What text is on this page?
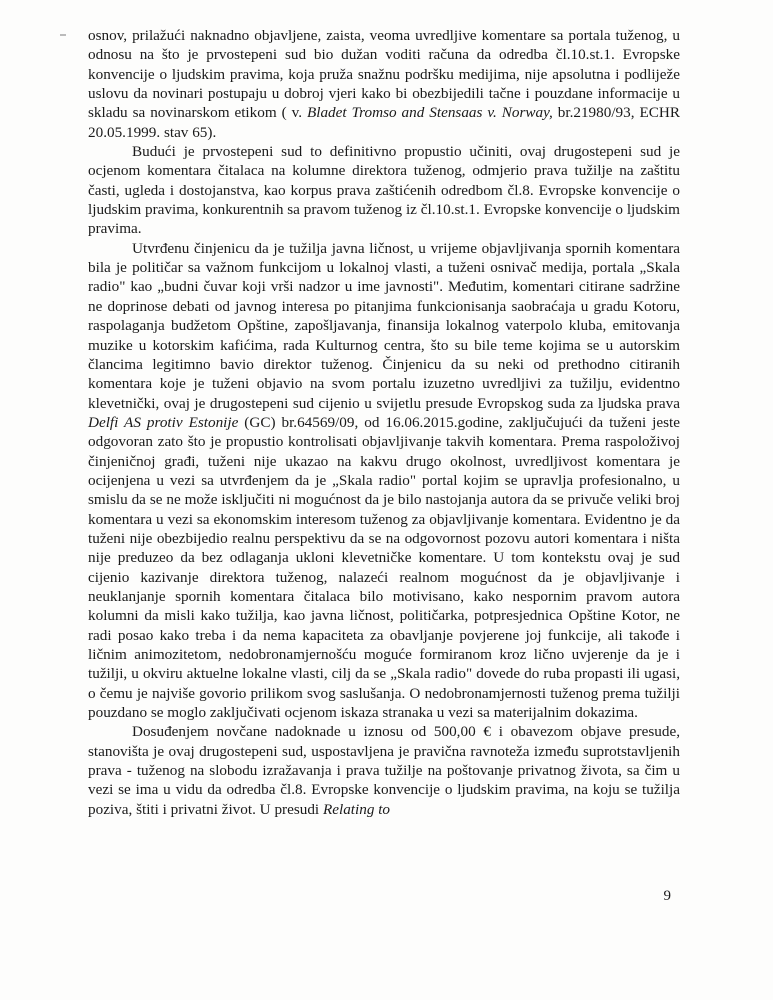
osnov, prilažući naknadno objavljene, zaista, veoma uvredljive komentare sa portala tuženog, u odnosu na što je prvostepeni sud bio dužan voditi računa da odredba čl.10.st.1. Evropske konvencije o ljudskim pravima, koja pruža snažnu podršku medijima, nije apsolutna i podliježe uslovu da novinari postupaju u dobroj vjeri kako bi obezbijedili tačne i pouzdane informacije u skladu sa novinarskom etikom ( v. Bladet Tromso and Stensaas v. Norway, br.21980/93, ECHR 20.05.1999. stav 65).

Budući je prvostepeni sud to definitivno propustio učiniti, ovaj drugostepeni sud je ocjenom komentara čitalaca na kolumne direktora tuženog, odmjerio prava tužilje na zaštitu časti, ugleda i dostojanstva, kao korpus prava zaštićenih odredbom čl.8. Evropske konvencije o ljudskim pravima, konkurentnih sa pravom tuženog iz čl.10.st.1. Evropske konvencije o ljudskim pravima.

Utvrđenu činjenicu da je tužilja javna ličnost, u vrijeme objavljivanja spornih komentara bila je političar sa važnom funkcijom u lokalnoj vlasti, a tuženi osnivač medija, portala „Skala radio" kao „budni čuvar koji vrši nadzor u ime javnosti". Međutim, komentari citirane sadržine ne doprinose debati od javnog interesa po pitanjima funkcionisanja saobraćaja u gradu Kotoru, raspolaganja budžetom Opštine, zapošljavanja, finansija lokalnog vaterpolo kluba, emitovanja muzike u kotorskim kafićima, rada Kulturnog centra, što su bile teme kojima se u autorskim člancima legitimno bavio direktor tuženog. Činjenicu da su neki od prethodno citiranih komentara koje je tuženi objavio na svom portalu izuzetno uvredljivi za tužilju, evidentno klevetnički, ovaj je drugostepeni sud cijenio u svijetlu presude Evropskog suda za ljudska prava Delfi AS protiv Estonije (GC) br.64569/09, od 16.06.2015.godine, zaključujući da tuženi jeste odgovoran zato što je propustio kontrolisati objavljivanje takvih komentara. Prema raspoloživoj činjeničnoj građi, tuženi nije ukazao na kakvu drugo okolnost, uvredljivost komentara je ocijenjena u vezi sa utvrđenjem da je „Skala radio" portal kojim se upravlja profesionalno, u smislu da se ne može isključiti ni mogućnost da je bilo nastojanja autora da se privuče veliki broj komentara u vezi sa ekonomskim interesom tuženog za objavljivanje komentara. Evidentno je da tuženi nije obezbijedio realnu perspektivu da se na odgovornost pozovu autori komentara i ništa nije preduzeo da bez odlaganja ukloni klevetničke komentare. U tom kontekstu ovaj je sud cijenio kazivanje direktora tuženog, nalazeći realnom mogućnost da je objavljivanje i neuklanjanje spornih komentara čitalaca bilo motivisano, kako nespornim pravom autora kolumni da misli kako tužilja, kao javna ličnost, političarka, potpresjednica Opštine Kotor, ne radi posao kako treba i da nema kapaciteta za obavljanje povjerene joj funkcije, ali takođe i ličnim animozitetom, nedobronamjernošću moguće formiranom kroz lično uvjerenje da je i tužilji, u okviru aktuelne lokalne vlasti, cilj da se „Skala radio" dovede do ruba propasti ili ugasi, o čemu je najviše govorio prilikom svog saslušanja. O nedobronamjernosti tuženog prema tužilji pouzdano se moglo zaključivati ocjenom iskaza stranaka u vezi sa materijalnim dokazima.

Dosuđenjem novčane nadoknade u iznosu od 500,00 € i obavezom objave presude, stanovišta je ovaj drugostepeni sud, uspostavljena je pravična ravnoteža između suprotstavljenih prava - tuženog na slobodu izražavanja i prava tužilje na poštovanje privatnog života, sa čim u vezi se ima u vidu da odredba čl.8. Evropske konvencije o ljudskim pravima, na koju se tužilja poziva, štiti i privatni život. U presudi Relating to

9
